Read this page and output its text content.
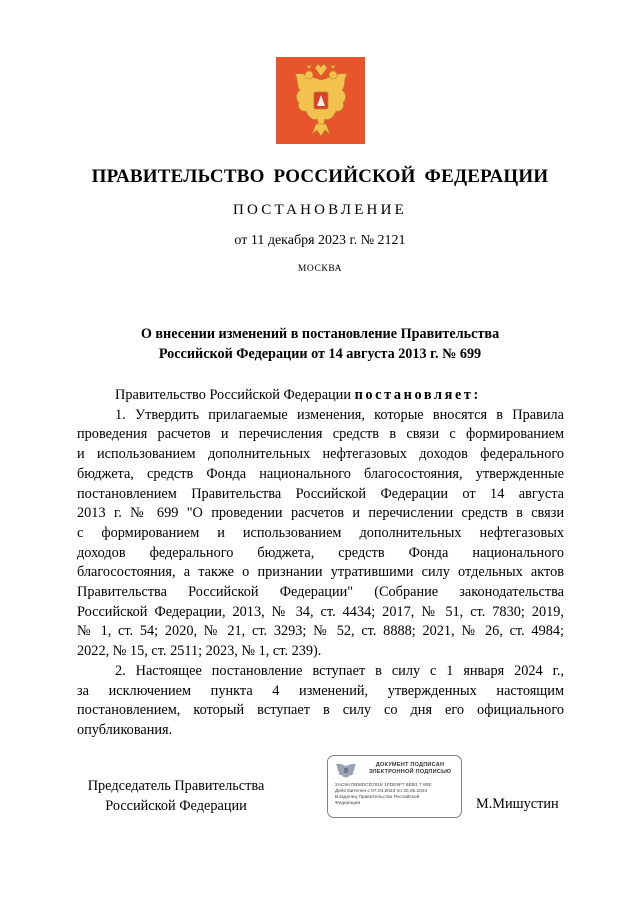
ПРАВИТЕЛЬСТВО РОССИЙСКОЙ ФЕДЕРАЦИИ
ПОСТАНОВЛЕНИЕ
от 11 декабря 2023 г. № 2121
МОСКВА
О внесении изменений в постановление Правительства
Российской Федерации от 14 августа 2013 г. № 699
Правительство Российской Федерации постановляет:
1. Утвердить прилагаемые изменения, которые вносятся в Правила
проведения расчетов и перечисления средств в связи с формированием
и использованием дополнительных нефтегазовых доходов федерального
бюджета, средств Фонда национального благосостояния, утвержденные
постановлением Правительства Российской Федерации от 14 августа
2013 г. № 699 "О проведении расчетов и перечислении средств в связи
с формированием и использованием дополнительных нефтегазовых
доходов федерального бюджета, средств Фонда национального
благосостояния, а также о признании утратившими силу отдельных актов
Правительства Российской Федерации" (Собрание законодательства
Российской Федерации, 2013, № 34, ст. 4434; 2017, № 51, ст. 7830; 2019,
№ 1, ст. 54; 2020, № 21, ст. 3293; № 52, ст. 8888; 2021, № 26, ст. 4984;
2022, № 15, ст. 2511; 2023, № 1, ст. 239).
2. Настоящее постановление вступает в силу с 1 января 2024 г.,
за исключением пункта 4 изменений, утвержденных настоящим
постановлением, который вступает в силу со дня его официального
опубликования.
Председатель Правительства
Российской Федерации
ДОКУМЕНТ ПОДПИСАН
ЭЛЕКТРОННОЙ ПОДПИСЬЮ
2AC9A79D6DCD7818 1FDE9F7 6EB1 7 80E
Действителен с 07.03.2023 по 30.05.2024
Владелец Правительство Российской
Федерации	М.Мишустин
